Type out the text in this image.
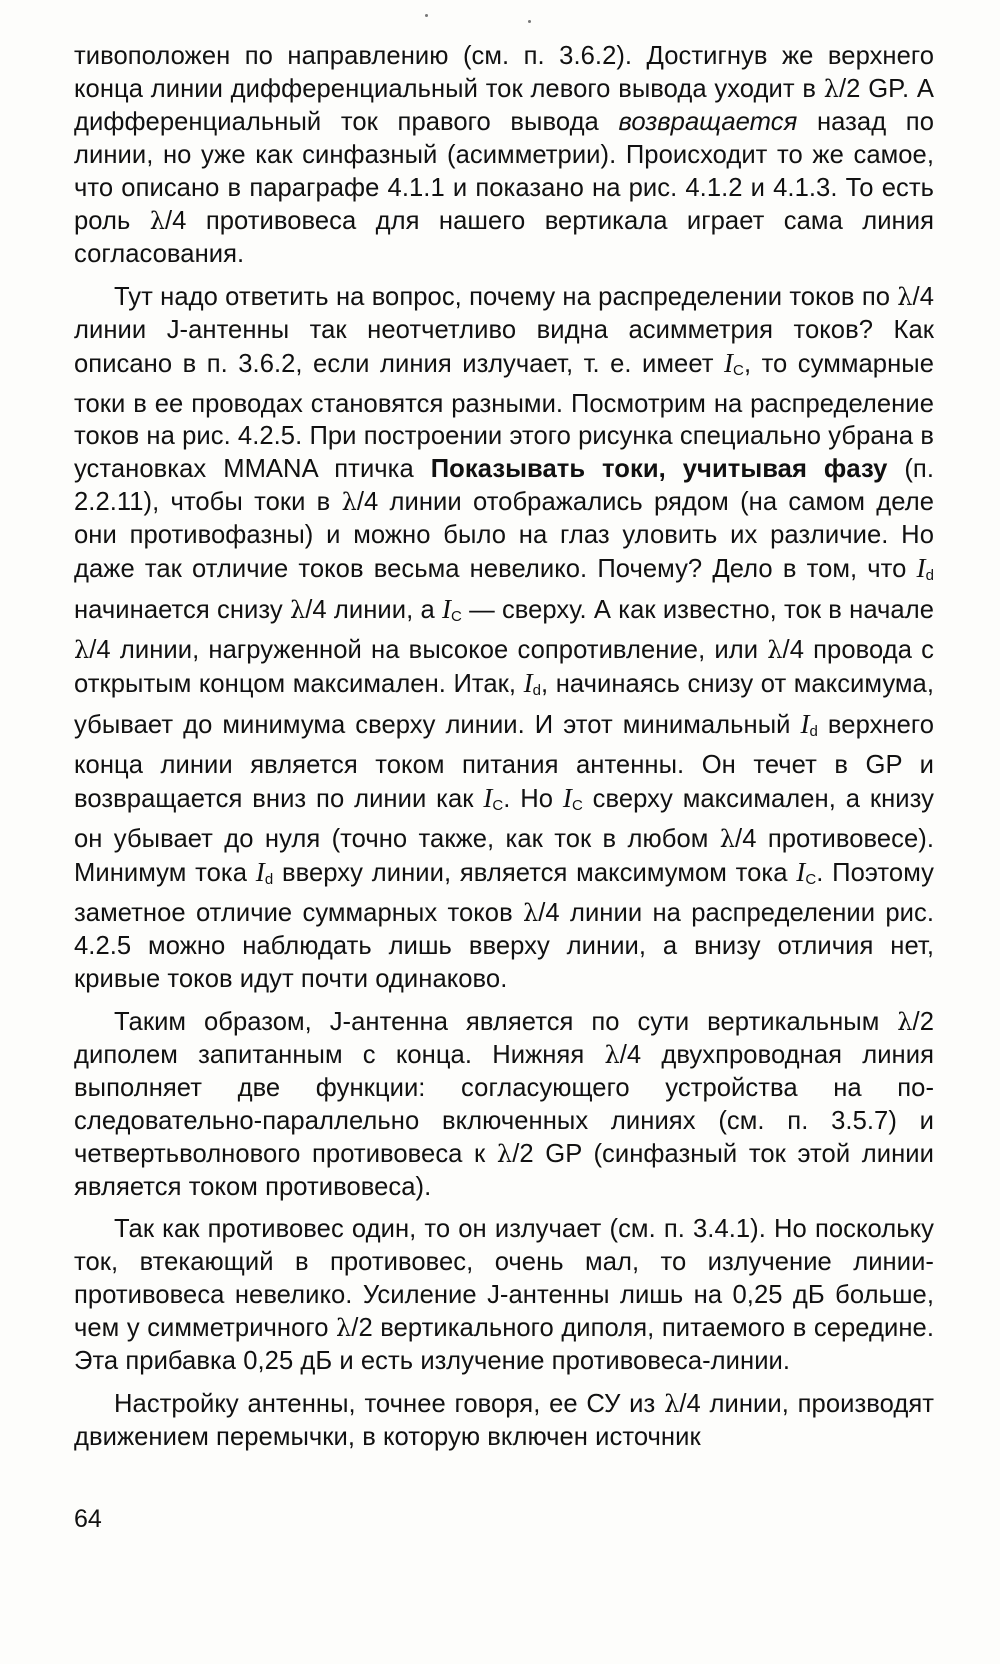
тивоположен по направлению (см. п. 3.6.2). Достигнув же верхнего конца линии дифференциальный ток левого вывода уходит в λ/2 GP. А дифференциальный ток правого вывода возвращается назад по линии, но уже как синфазный (асимметрии). Происходит то же самое, что описано в параграфе 4.1.1 и показано на рис. 4.1.2 и 4.1.3. То есть роль λ/4 противовеса для нашего вертикала играет сама линия согласования.

Тут надо ответить на вопрос, почему на распределении токов по λ/4 линии J-антенны так неотчетливо видна асимметрия токов? Как описано в п. 3.6.2, если линия излучает, т. е. имеет $I_C$, то суммарные токи в ее проводах становятся разными. Посмотрим на распределение токов на рис. 4.2.5. При построении этого рисунка специально убрана в установках MMANA птичка Показывать токи, учитывая фазу (п. 2.2.11), чтобы токи в λ/4 линии отображались рядом (на самом деле они противофазны) и можно было на глаз уловить их различие. Но даже так отличие токов весьма невелико. Почему? Дело в том, что $I_d$ начинается снизу λ/4 линии, а $I_C$ — сверху. А как известно, ток в начале λ/4 линии, нагруженной на высокое сопротивление, или λ/4 провода с открытым концом максимален. Итак, $I_d$, начинаясь снизу от максимума, убывает до минимума сверху линии. И этот минимальный $I_d$ верхнего конца линии является током питания антенны. Он течет в GP и возвращается вниз по линии как $I_C$. Но $I_C$ сверху максимален, а книзу он убывает до нуля (точно также, как ток в любом λ/4 противовесе). Минимум тока $I_d$ вверху линии, является максимумом тока $I_C$. Поэтому заметное отличие суммарных токов λ/4 линии на распределении рис. 4.2.5 можно наблюдать лишь вверху линии, а внизу отличия нет, кривые токов идут почти одинаково.

Таким образом, J-антенна является по сути вертикальным λ/2 диполем запитанным с конца. Нижняя λ/4 двухпроводная линия выполняет две функции: согласующего устройства на последовательно-параллельно включенных линиях (см. п. 3.5.7) и четвертьволнового противовеса к λ/2 GP (синфазный ток этой линии является током противовеса).

Так как противовес один, то он излучает (см. п. 3.4.1). Но поскольку ток, втекающий в противовес, очень мал, то излучение линии-противовеса невелико. Усиление J-антенны лишь на 0,25 дБ больше, чем у симметричного λ/2 вертикального диполя, питаемого в середине. Эта прибавка 0,25 дБ и есть излучение противовеса-линии.

Настройку антенны, точнее говоря, ее СУ из λ/4 линии, производят движением перемычки, в которую включен источник

64
